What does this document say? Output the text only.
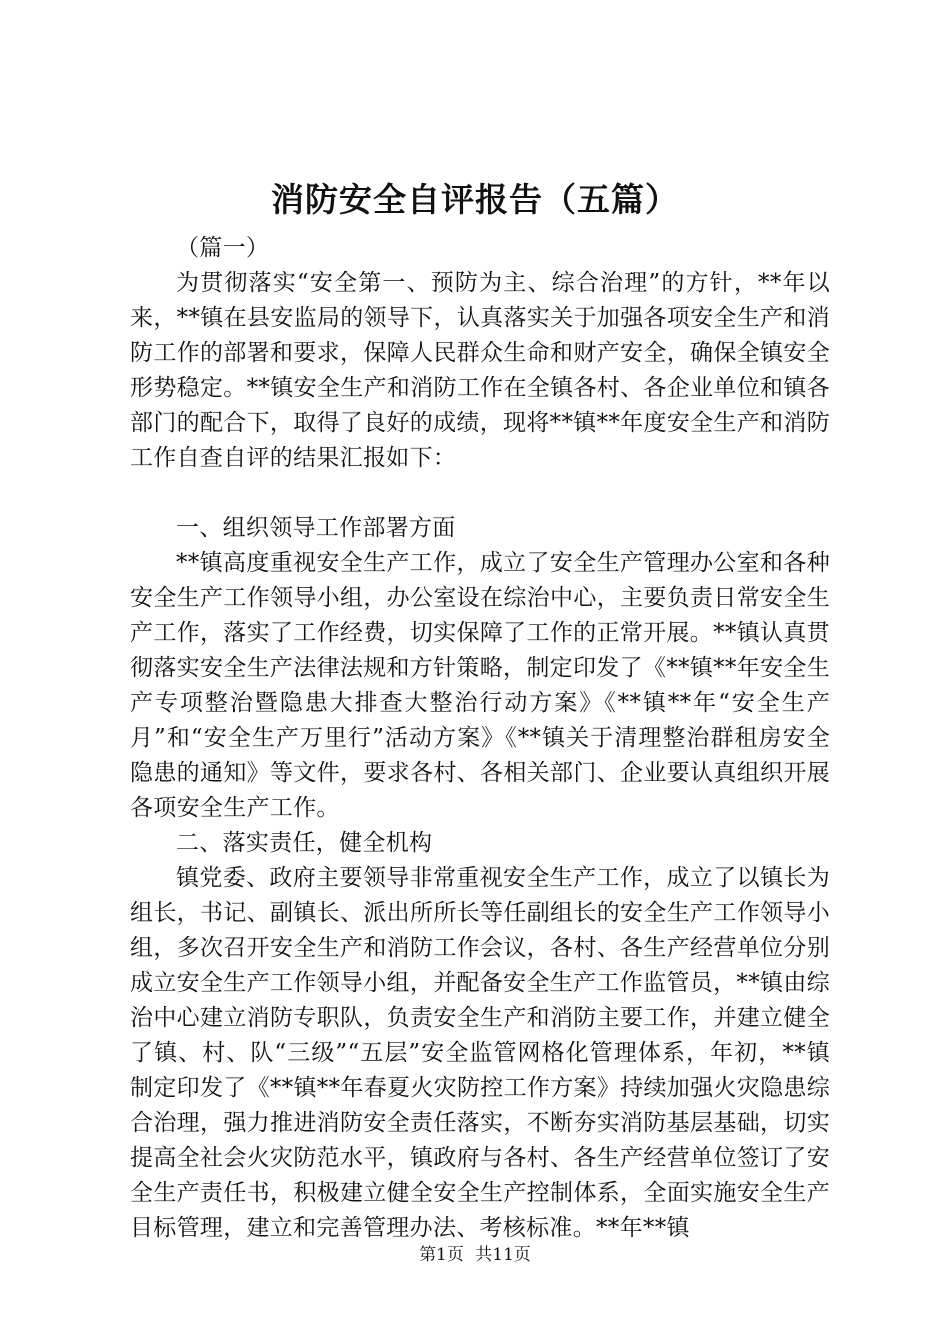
消防安全自评报告（五篇）

（篇一）

为贯彻落实“安全第一、预防为主、综合治理”的方针，**年以来，**镇在县安监局的领导下，认真落实关于加强各项安全生产和消防工作的部署和要求，保障人民群众生命和财产安全，确保全镇安全形势稳定。**镇安全生产和消防工作在全镇各村、各企业单位和镇各部门的配合下，取得了良好的成绩，现将**镇**年度安全生产和消防工作自查自评的结果汇报如下：

一、组织领导工作部署方面

**镇高度重视安全生产工作，成立了安全生产管理办公室和各种安全生产工作领导小组，办公室设在综治中心，主要负责日常安全生产工作，落实了工作经费，切实保障了工作的正常开展。**镇认真贯彻落实安全生产法律法规和方针策略，制定印发了《**镇**年安全生产专项整治暨隐患大排查大整治行动方案》《**镇**年“安全生产月”和“安全生产万里行”活动方案》《**镇关于清理整治群租房安全隐患的通知》等文件，要求各村、各相关部门、企业要认真组织开展各项安全生产工作。

二、落实责任，健全机构

镇党委、政府主要领导非常重视安全生产工作，成立了以镇长为组长，书记、副镇长、派出所所长等任副组长的安全生产工作领导小组，多次召开安全生产和消防工作会议，各村、各生产经营单位分别成立安全生产工作领导小组，并配备安全生产工作监管员，**镇由综治中心建立消防专职队，负责安全生产和消防主要工作，并建立健全了镇、村、队“三级”“五层”安全监管网格化管理体系，年初，**镇制定印发了《**镇**年春夏火灾防控工作方案》持续加强火灾隐患综合治理，强力推进消防安全责任落实，不断夯实消防基层基础，切实提高全社会火灾防范水平，镇政府与各村、各生产经营单位签订了安全生产责任书，积极建立健全安全生产控制体系，全面实施安全生产目标管理，建立和完善管理办法、考核标准。**年**镇

第1页 共11页
